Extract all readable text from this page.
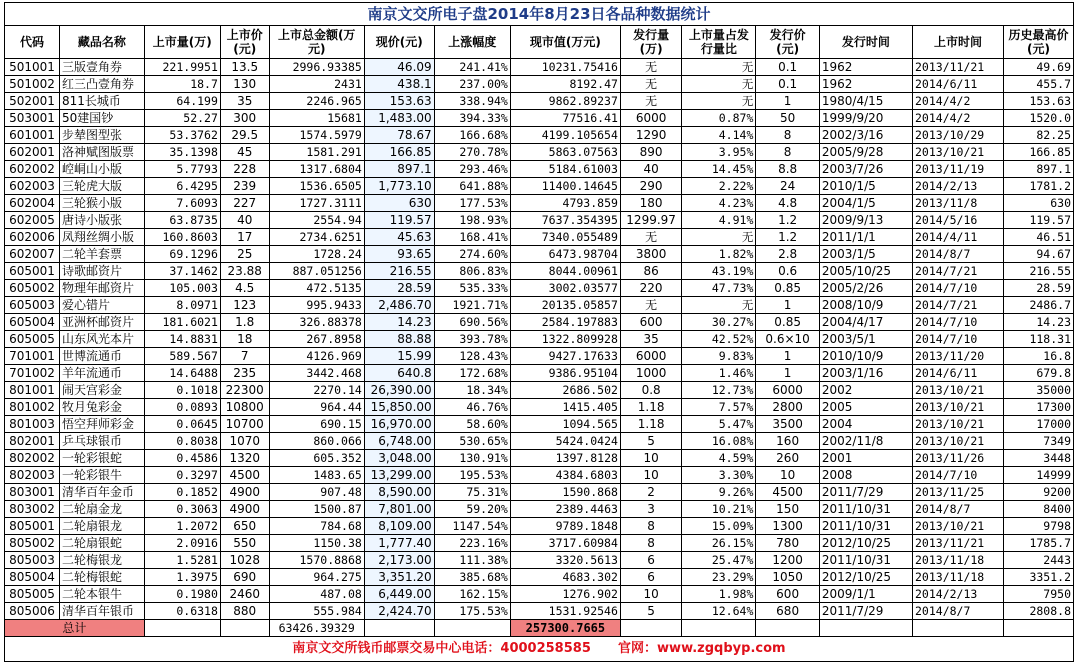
南京文交所电子盘2014年8月23日各品种数据统计													
代码	藏品名称	上市量(万)	上市价(元)	上市总金额(万元)	现价(元)	上涨幅度	现市值(万元)	发行量(万)	上市量占发行量比	发行价(元)	发行时间	上市时间	历史最高价(元)
501001	三版壹角券	221.9951	13.5	2996.93385	46.09	241.41%	10231.75416	无	无	0.1	1962	2013/11/21	49.69
501002	红三凸壹角券	18.7	130	2431	438.1	237.00%	8192.47	无	无	0.1	1962	2014/6/11	455.7
502001	811长城币	64.199	35	2246.965	153.63	338.94%	9862.89237	无	无	1	1980/4/15	2014/4/2	153.63
503001	50建国钞	52.27	300	15681	1,483.00	394.33%	77516.41	6000	0.87%	50	1999/9/20	2014/4/2	1520.0
601001	步辇图型张	53.3762	29.5	1574.5979	78.67	166.68%	4199.105654	1290	4.14%	8	2002/3/16	2013/10/29	82.25
602001	洛神赋图版票	35.1398	45	1581.291	166.85	270.78%	5863.07563	890	3.95%	8	2005/9/28	2013/10/21	166.85
602002	崆峒山小版	5.7793	228	1317.6804	897.1	293.46%	5184.61003	40	14.45%	8.8	2003/7/26	2013/11/19	897.1
602003	三轮虎大版	6.4295	239	1536.6505	1,773.10	641.88%	11400.14645	290	2.22%	24	2010/1/5	2014/2/13	1781.2
602004	三轮猴小版	7.6093	227	1727.3111	630	177.53%	4793.859	180	4.23%	4.8	2004/1/5	2013/11/8	630
602005	唐诗小版张	63.8735	40	2554.94	119.57	198.93%	7637.354395	1299.97	4.91%	1.2	2009/9/13	2014/5/16	119.57
602006	凤翔丝绸小版	160.8603	17	2734.6251	45.63	168.41%	7340.055489	无	无	1.2	2011/1/1	2014/4/11	46.51
602007	二轮羊套票	69.1296	25	1728.24	93.65	274.60%	6473.98704	3800	1.82%	2.8	2003/1/5	2014/8/7	94.67
605001	诗歌邮资片	37.1462	23.88	887.051256	216.55	806.83%	8044.00961	86	43.19%	0.6	2005/10/25	2014/7/21	216.55
605002	物理年邮资片	105.003	4.5	472.5135	28.59	535.33%	3002.03577	220	47.73%	0.85	2005/2/26	2014/7/10	28.59
605003	爱心错片	8.0971	123	995.9433	2,486.70	1921.71%	20135.05857	无	无	1	2008/10/9	2014/7/21	2486.7
605004	亚洲杯邮资片	181.6021	1.8	326.88378	14.23	690.56%	2584.197883	600	30.27%	0.85	2004/4/17	2014/7/10	14.23
605005	山东风光本片	14.8831	18	267.8958	88.88	393.78%	1322.809928	35	42.52%	0.6×10	2003/5/1	2014/7/10	118.31
701001	世博流通币	589.567	7	4126.969	15.99	128.43%	9427.17633	6000	9.83%	1	2010/10/9	2013/11/20	16.8
701002	羊年流通币	14.6488	235	3442.468	640.8	172.68%	9386.95104	1000	1.46%	1	2003/1/16	2014/6/11	679.8
801001	闹天宫彩金	0.1018	22300	2270.14	26,390.00	18.34%	2686.502	0.8	12.73%	6000	2002	2013/10/21	35000
801002	牧月兔彩金	0.0893	10800	964.44	15,850.00	46.76%	1415.405	1.18	7.57%	2800	2005	2013/10/21	17300
801003	悟空拜师彩金	0.0645	10700	690.15	16,970.00	58.60%	1094.565	1.18	5.47%	3500	2004	2013/10/21	17000
802001	乒乓球银币	0.8038	1070	860.066	6,748.00	530.65%	5424.0424	5	16.08%	160	2002/11/8	2013/10/21	7349
802002	一轮彩银蛇	0.4586	1320	605.352	3,048.00	130.91%	1397.8128	10	4.59%	260	2001	2013/11/26	3448
802003	一轮彩银牛	0.3297	4500	1483.65	13,299.00	195.53%	4384.6803	10	3.30%	10	2008	2014/7/10	14999
803001	清华百年金币	0.1852	4900	907.48	8,590.00	75.31%	1590.868	2	9.26%	4500	2011/7/29	2013/11/25	9200
803002	二轮扇金龙	0.3063	4900	1500.87	7,801.00	59.20%	2389.4463	3	10.21%	150	2011/10/31	2014/8/7	8400
805001	二轮扇银龙	1.2072	650	784.68	8,109.00	1147.54%	9789.1848	8	15.09%	1300	2011/10/31	2013/10/21	9798
805002	二轮扇银蛇	2.0916	550	1150.38	1,777.40	223.16%	3717.60984	8	26.15%	780	2012/10/25	2013/11/21	1785.7
805003	二轮梅银龙	1.5281	1028	1570.8868	2,173.00	111.38%	3320.5613	6	25.47%	1200	2011/10/31	2013/11/18	2443
805004	二轮梅银蛇	1.3975	690	964.275	3,351.20	385.68%	4683.302	6	23.29%	1050	2012/10/25	2013/11/18	3351.2
805005	二轮本银牛	0.1980	2460	487.08	6,449.00	162.15%	1276.902	10	1.98%	600	2009/1/1	2014/2/13	7950
805006	清华百年银币	0.6318	880	555.984	2,424.70	175.53%	1531.92546	5	12.64%	680	2011/7/29	2014/8/7	2808.8
总计				63426.39329			257300.7665						
南京文交所钱币邮票交易中心电话：4000258585 官网：www.zgqbyp.com													
